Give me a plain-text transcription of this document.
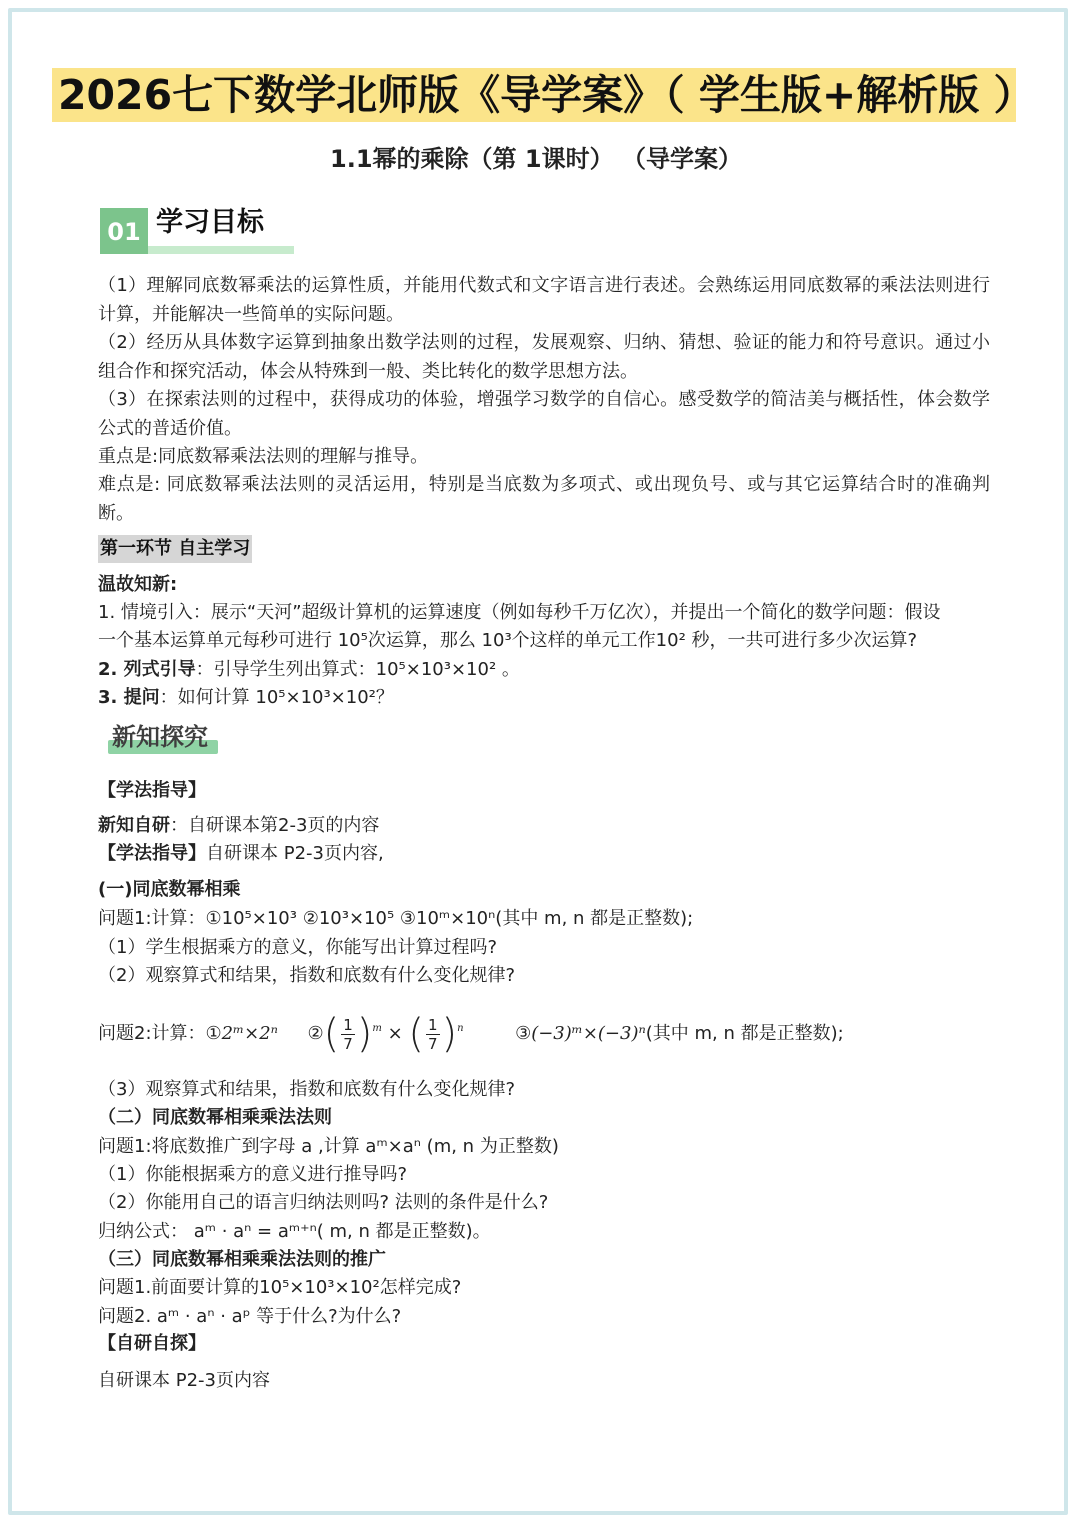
2026七下数学北师版《导学案》（ 学生版+解析版 ）
1.1幂的乘除（第 1课时） （导学案）
01 学习目标
（1）理解同底数幂乘法的运算性质，并能用代数式和文字语言进行表述。会熟练运用同底数幂的乘法法则进行计算，并能解决一些简单的实际问题。
（2）经历从具体数字运算到抽象出数学法则的过程，发展观察、归纳、猜想、验证的能力和符号意识。通过小组合作和探究活动，体会从特殊到一般、类比转化的数学思想方法。
（3）在探索法则的过程中，获得成功的体验，增强学习数学的自信心。感受数学的简洁美与概括性，体会数学公式的普适价值。
重点是:同底数幂乘法法则的理解与推导。
难点是: 同底数幂乘法法则的灵活运用，特别是当底数为多项式、或出现负号、或与其它运算结合时的准确判断。
第一环节 自主学习
温故知新:
1. 情境引入：展示“天河”超级计算机的运算速度（例如每秒千万亿次），并提出一个简化的数学问题：假设
一个基本运算单元每秒可进行 10⁵次运算，那么 10³个这样的单元工作10² 秒，一共可进行多少次运算?
2. 列式引导：引导学生列出算式：10⁵×10³×10² 。
3. 提问：如何计算 10⁵×10³×10²？
新知探究
【学法指导】
新知自研：自研课本第2-3页的内容
【学法指导】自研课本 P2-3页内容,
(一)同底数幂相乘
问题1:计算：①10⁵×10³ ②10³×10⁵ ③10ᵐ×10ⁿ(其中 m, n 都是正整数);
（1）学生根据乘方的意义，你能写出计算过程吗?
（2）观察算式和结果，指数和底数有什么变化规律?
问题2:计算：①2ᵐ×2ⁿ ②( $\frac{1}{7} )^m$ × ( $\frac{1}{7} )^n$	③(−3)ᵐ×(−3)ⁿ(其中 m, n 都是正整数);
（3）观察算式和结果，指数和底数有什么变化规律?
（二）同底数幂相乘乘法法则
问题1:将底数推广到字母 a ,计算 aᵐ×aⁿ (m, n 为正整数)
（1）你能根据乘方的意义进行推导吗?
（2）你能用自己的语言归纳法则吗? 法则的条件是什么?
归纳公式： aᵐ · aⁿ = aᵐ⁺ⁿ( m, n 都是正整数)。
（三）同底数幂相乘乘法法则的推广
问题1.前面要计算的10⁵×10³×10²怎样完成?
问题2. aᵐ · aⁿ · aᵖ 等于什么?为什么?
【自研自探】
自研课本 P2-3页内容
